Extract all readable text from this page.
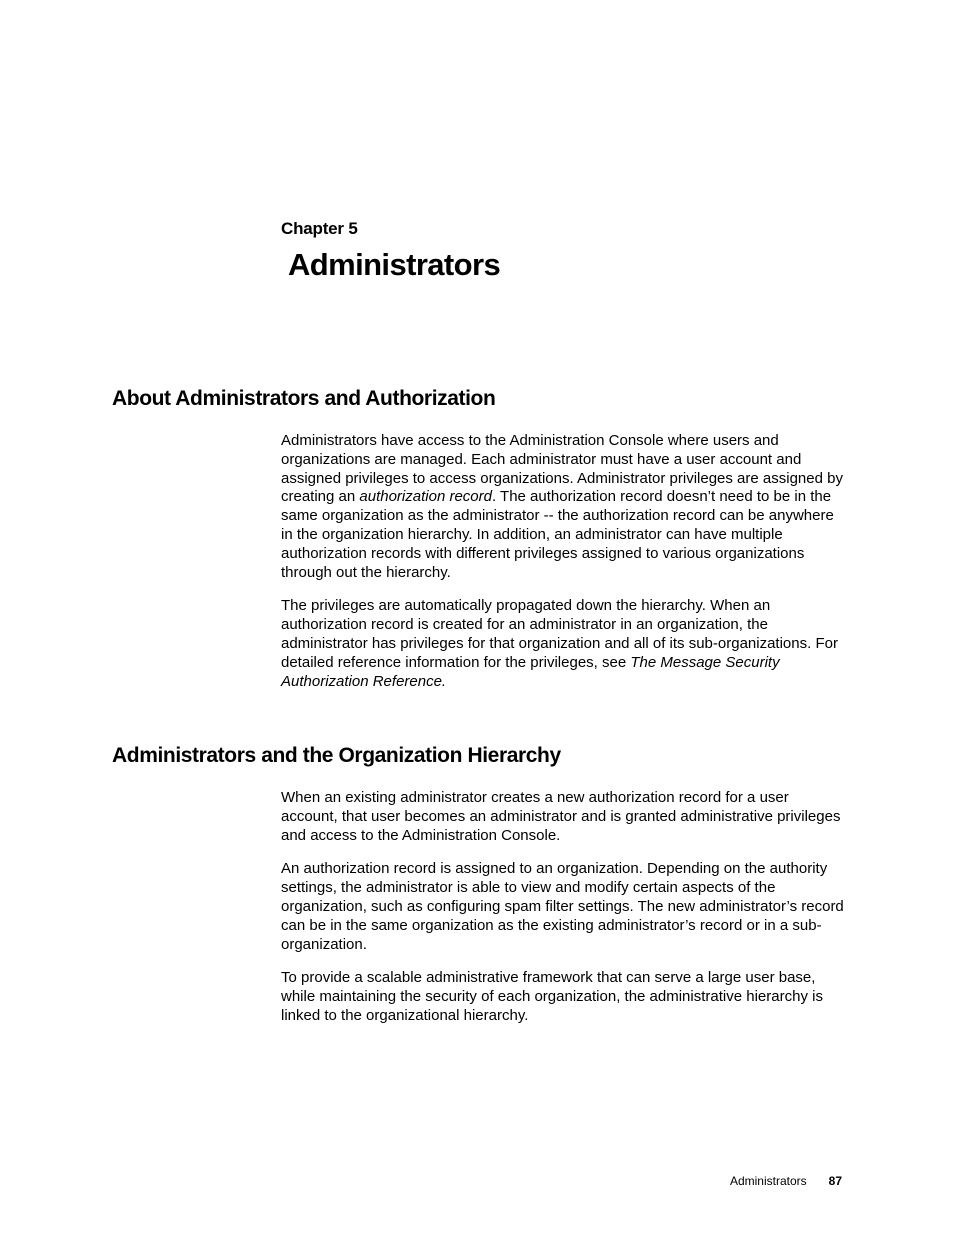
Chapter 5
Administrators
About Administrators and Authorization

Administrators have access to the Administration Console where users and organizations are managed. Each administrator must have a user account and assigned privileges to access organizations. Administrator privileges are assigned by creating an authorization record. The authorization record doesn’t need to be in the same organization as the administrator -- the authorization record can be anywhere in the organization hierarchy. In addition, an administrator can have multiple authorization records with different privileges assigned to various organizations through out the hierarchy.

The privileges are automatically propagated down the hierarchy. When an authorization record is created for an administrator in an organization, the administrator has privileges for that organization and all of its sub-organizations. For detailed reference information for the privileges, see The Message Security Authorization Reference.

Administrators and the Organization Hierarchy

When an existing administrator creates a new authorization record for a user account, that user becomes an administrator and is granted administrative privileges and access to the Administration Console.

An authorization record is assigned to an organization. Depending on the authority settings, the administrator is able to view and modify certain aspects of the organization, such as configuring spam filter settings. The new administrator’s record can be in the same organization as the existing administrator’s record or in a sub-organization.

To provide a scalable administrative framework that can serve a large user base, while maintaining the security of each organization, the administrative hierarchy is linked to the organizational hierarchy.

Administrators 87
